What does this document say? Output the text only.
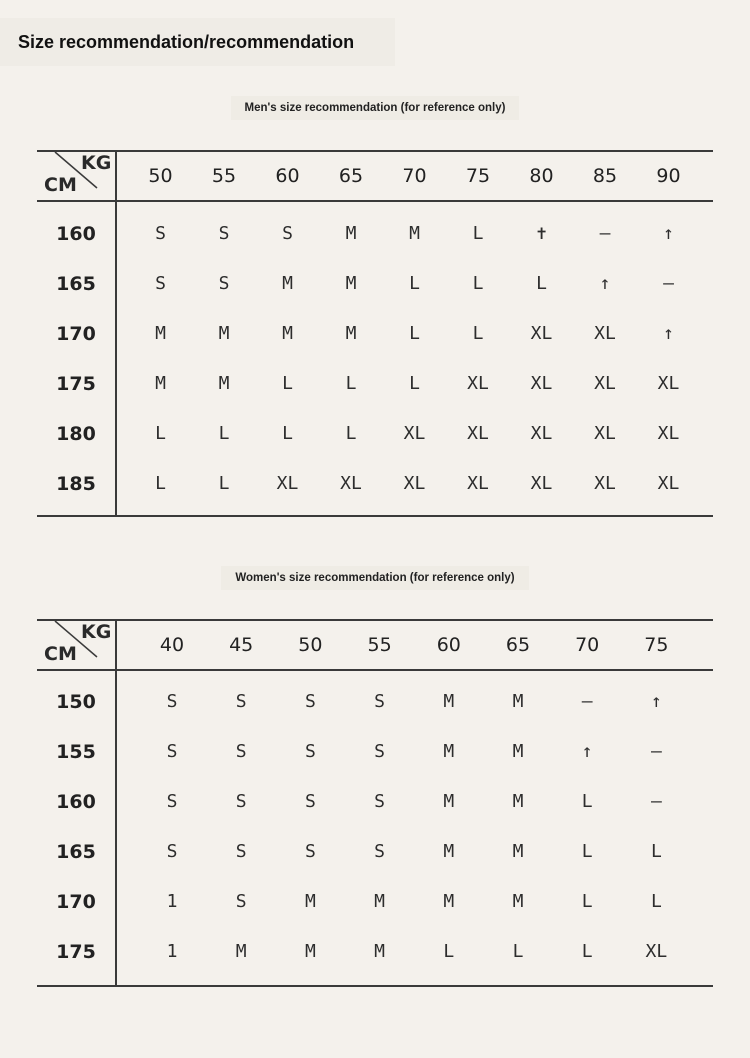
Size recommendation/recommendation
Men's size recommendation (for reference only)
KG
CM	50	55	60	65	70	75	80	85	90
160	S	S	S	M	M	L	✝	—	↑
165	S	S	M	M	L	L	L	↑	—
170	M	M	M	M	L	L	XL	XL	↑
175	M	M	L	L	L	XL	XL	XL	XL
180	L	L	L	L	XL	XL	XL	XL	XL
185	L	L	XL	XL	XL	XL	XL	XL	XL
Women's size recommendation (for reference only)
KG
CM	40	45	50	55	60	65	70	75
150	S	S	S	S	M	M	—	↑
155	S	S	S	S	M	M	↑	—
160	S	S	S	S	M	M	L	—
165	S	S	S	S	M	M	L	L
170	1	S	M	M	M	M	L	L
175	1	M	M	M	L	L	L	XL
